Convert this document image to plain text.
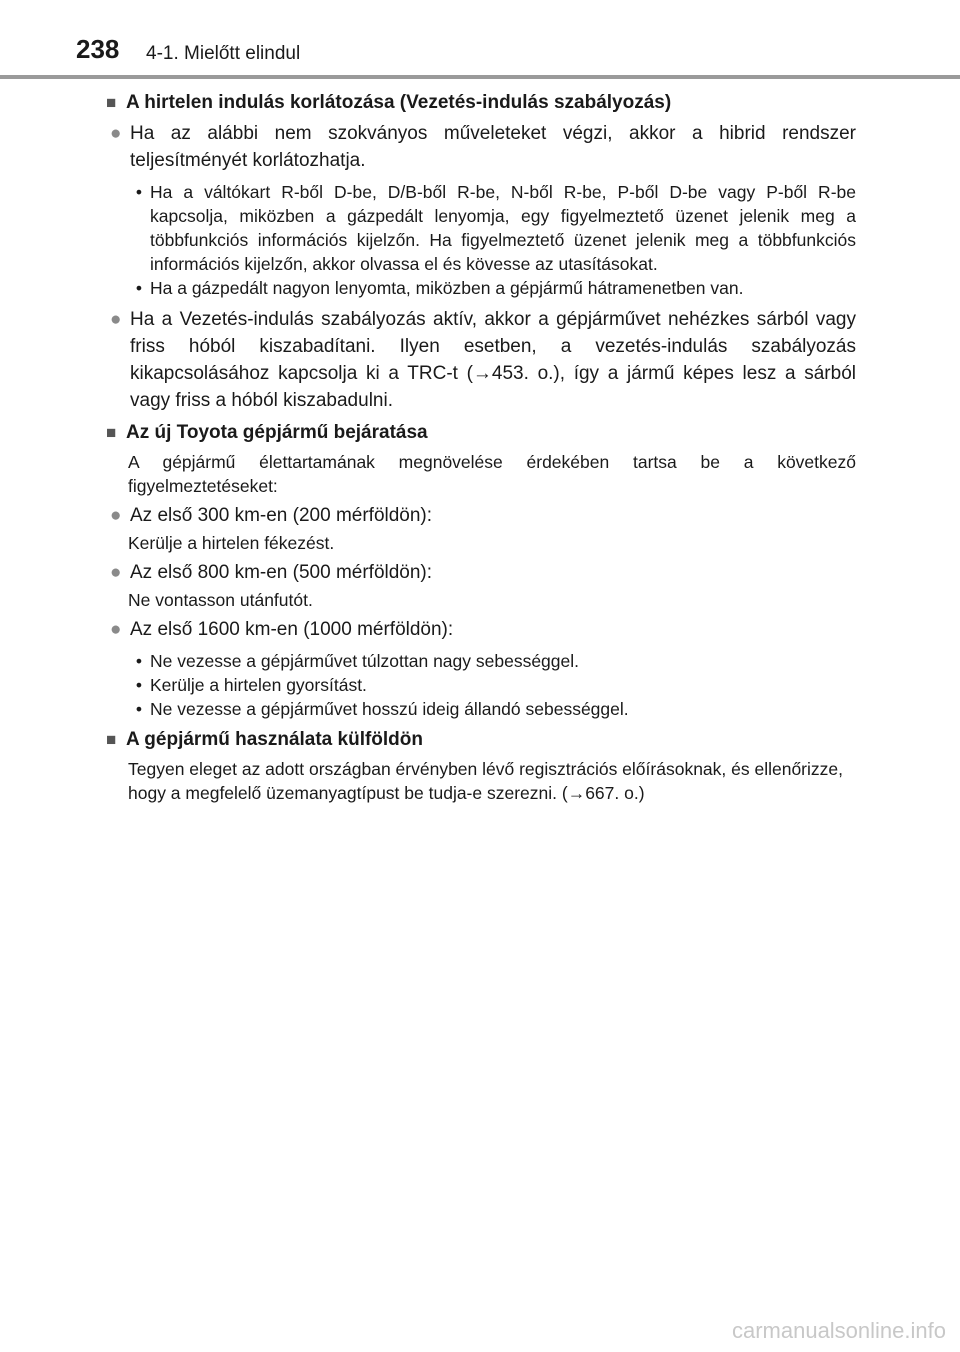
238 4-1. Mielőtt elindul
■ A hirtelen indulás korlátozása (Vezetés-indulás szabályozás)
● Ha az alábbi nem szokványos műveleteket végzi, akkor a hibrid rendszer teljesítményét korlátozhatja.
• Ha a váltókart R-ből D-be, D/B-ből R-be, N-ből R-be, P-ből D-be vagy P-ből R-be kapcsolja, miközben a gázpedált lenyomja, egy figyelmeztető üzenet jelenik meg a többfunkciós információs kijelzőn. Ha figyelmeztető üzenet jelenik meg a többfunkciós információs kijelzőn, akkor olvassa el és kövesse az utasításokat.
• Ha a gázpedált nagyon lenyomta, miközben a gépjármű hátramenetben van.
● Ha a Vezetés-indulás szabályozás aktív, akkor a gépjárművet nehézkes sárból vagy friss hóból kiszabadítani. Ilyen esetben, a vezetés-indulás szabályozás kikapcsolásához kapcsolja ki a TRC-t (→453. o.), így a jármű képes lesz a sárból vagy friss a hóból kiszabadulni.
■ Az új Toyota gépjármű bejáratása
A gépjármű élettartamának megnövelése érdekében tartsa be a következő figyelmeztetéseket:
● Az első 300 km-en (200 mérföldön):
Kerülje a hirtelen fékezést.
● Az első 800 km-en (500 mérföldön):
Ne vontasson utánfutót.
● Az első 1600 km-en (1000 mérföldön):
• Ne vezesse a gépjárművet túlzottan nagy sebességgel.
• Kerülje a hirtelen gyorsítást.
• Ne vezesse a gépjárművet hosszú ideig állandó sebességgel.
■ A gépjármű használata külföldön
Tegyen eleget az adott országban érvényben lévő regisztrációs előírásoknak, és ellenőrizze, hogy a megfelelő üzemanyagtípust be tudja-e szerezni. (→667. o.)
carmanualsonline.info
